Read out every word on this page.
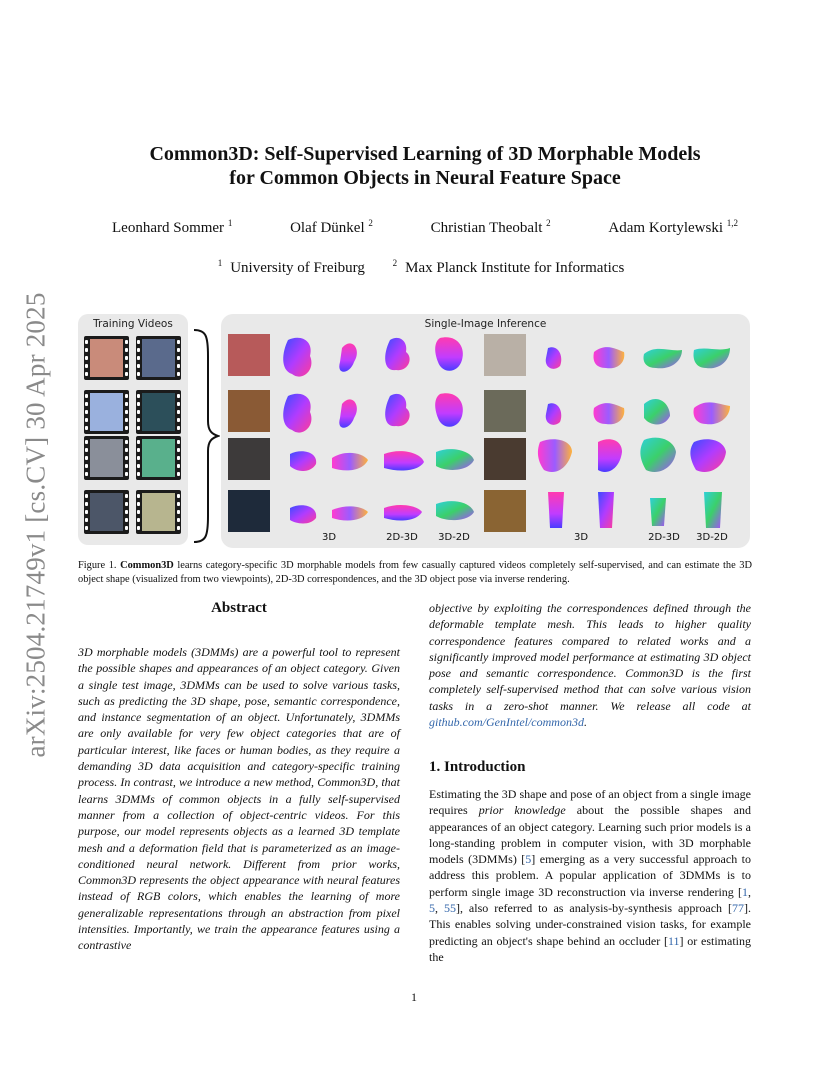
arXiv:2504.21749v1 [cs.CV] 30 Apr 2025
Common3D: Self-Supervised Learning of 3D Morphable Models
for Common Objects in Neural Feature Space
Leonhard Sommer $^1$	Olaf Dünkel $^2$	Christian Theobalt $^2$	Adam Kortylewski $^{1,2}$
$^1$ University of Freiburg	$^2$ Max Planck Institute for Informatics
Training Videos	Single-Image Inference
3D	2D-3D	3D-2D	3D	2D-3D	3D-2D
Figure 1. Common3D learns category-specific 3D morphable models from few casually captured videos completely self-supervised, and can estimate the 3D object shape (visualized from two viewpoints), 2D-3D correspondences, and the 3D object pose via inverse rendering.
Abstract
3D morphable models (3DMMs) are a powerful tool to represent the possible shapes and appearances of an object category. Given a single test image, 3DMMs can be used to solve various tasks, such as predicting the 3D shape, pose, semantic correspondence, and instance segmentation of an object. Unfortunately, 3DMMs are only available for very few object categories that are of particular interest, like faces or human bodies, as they require a demanding 3D data acquisition and category-specific training process. In contrast, we introduce a new method, Common3D, that learns 3DMMs of common objects in a fully self-supervised manner from a collection of object-centric videos. For this purpose, our model represents objects as a learned 3D template mesh and a deformation field that is parameterized as an image-conditioned neural network. Different from prior works, Common3D represents the object appearance with neural features instead of RGB colors, which enables the learning of more generalizable representations through an abstraction from pixel intensities. Importantly, we train the appearance features using a contrastive
objective by exploiting the correspondences defined through the deformable template mesh. This leads to higher quality correspondence features compared to related works and a significantly improved model performance at estimating 3D object pose and semantic correspondence. Common3D is the first completely self-supervised method that can solve various vision tasks in a zero-shot manner. We release all code at github.com/GenIntel/common3d.
1. Introduction
Estimating the 3D shape and pose of an object from a single image requires prior knowledge about the possible shapes and appearances of an object category. Learning such prior models is a long-standing problem in computer vision, with 3D morphable models (3DMMs) [5] emerging as a very successful approach to address this problem. A popular application of 3DMMs is to perform single image 3D reconstruction via inverse rendering [1, 5, 55], also referred to as analysis-by-synthesis approach [77]. This enables solving under-constrained vision tasks, for example predicting an object's shape behind an occluder [11] or estimating the
1
